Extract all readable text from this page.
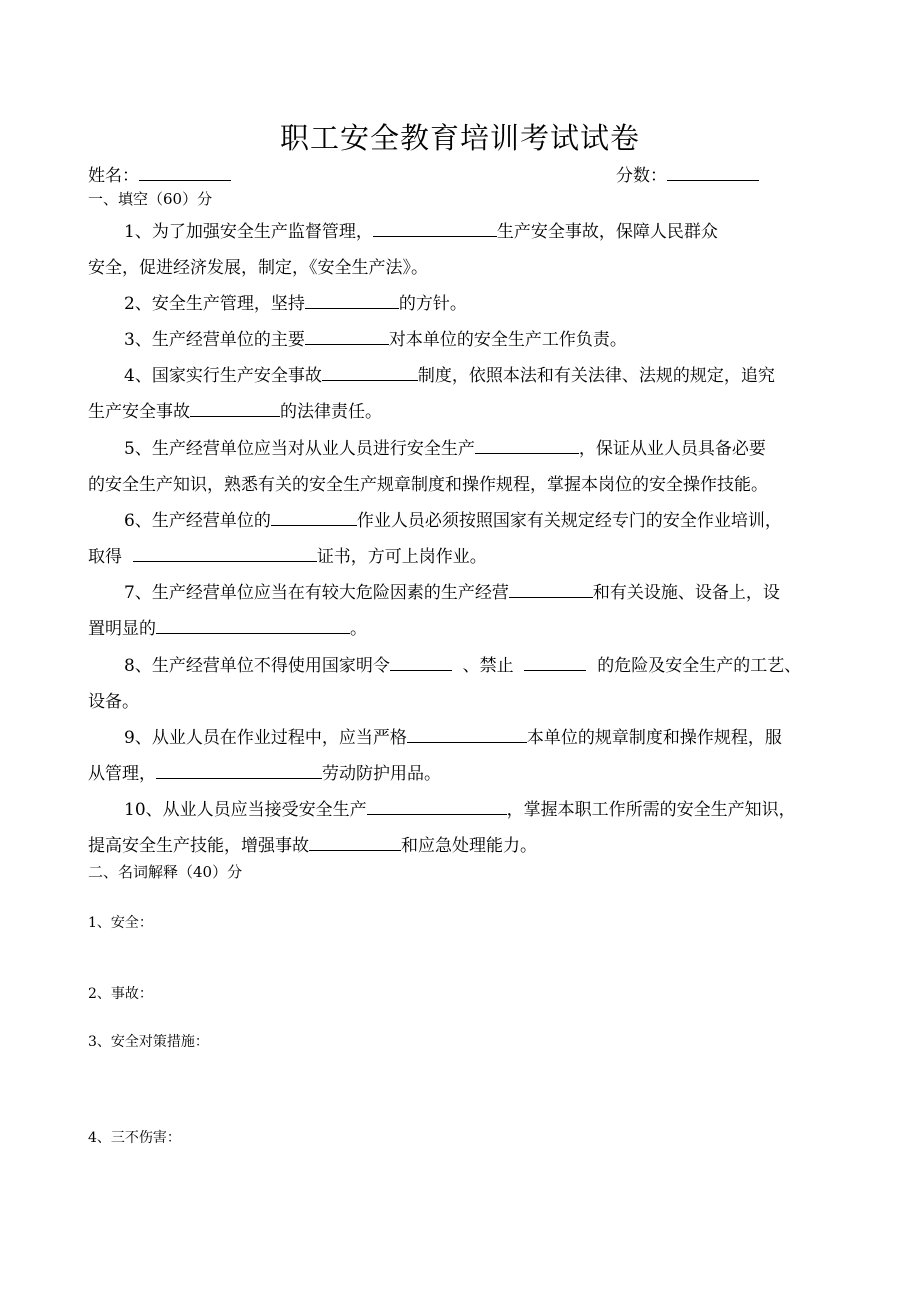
职工安全教育培训考试试卷
姓名：	分数：
一、填空（60）分
1、为了加强安全生产监督管理，	生产安全事故，保障人民群众
安全，促进经济发展，制定，《安全生产法》。
2、安全生产管理，坚持	的方针。
3、生产经营单位的主要	对本单位的安全生产工作负责。
4、国家实行生产安全事故	制度，依照本法和有关法律、法规的规定，追究
生产安全事故	的法律责任。
5、生产经营单位应当对从业人员进行安全生产	，保证从业人员具备必要
的安全生产知识，熟悉有关的安全生产规章制度和操作规程，掌握本岗位的安全操作技能。
6、生产经营单位的	作业人员必须按照国家有关规定经专门的安全作业培训，
取得	证书，方可上岗作业。
7、生产经营单位应当在有较大危险因素的生产经营	和有关设施、设备上，设
置明显的	。
8、生产经营单位不得使用国家明令	、禁止	的危险及安全生产的工艺、
设备。
9、从业人员在作业过程中，应当严格	本单位的规章制度和操作规程，服
从管理，	劳动防护用品。
10、从业人员应当接受安全生产	，掌握本职工作所需的安全生产知识，
提高安全生产技能，增强事故	和应急处理能力。
二、名词解释（40）分
1、安全：
2、事故：
3、安全对策措施：
4、三不伤害：
